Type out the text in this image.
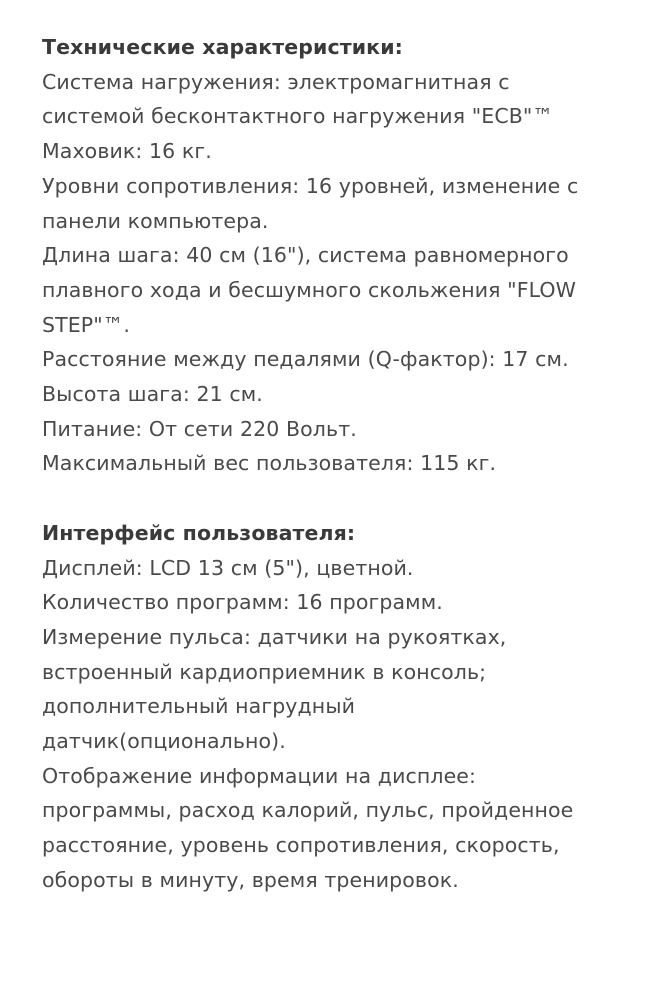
Технические характеристики:

Система нагружения: электромагнитная с

системой бесконтактного нагружения "ECB"™

Маховик: 16 кг.

Уровни сопротивления: 16 уровней, изменение с

панели компьютера.

Длина шага: 40 см (16"), система равномерного

плавного хода и бесшумного скольжения "FLOW

STEP"™.

Расстояние между педалями (Q-фактор): 17 см.

Высота шага: 21 см.

Питание: От сети 220 Вольт.

Максимальный вес пользователя: 115 кг.

Интерфейс пользователя:

Дисплей: LCD 13 см (5"), цветной.

Количество программ: 16 программ.

Измерение пульса: датчики на рукоятках,

встроенный кардиоприемник в консоль;

дополнительный нагрудный

датчик(опционально).

Отображение информации на дисплее:

программы, расход калорий, пульс, пройденное

расстояние, уровень сопротивления, скорость,

обороты в минуту, время тренировок.
